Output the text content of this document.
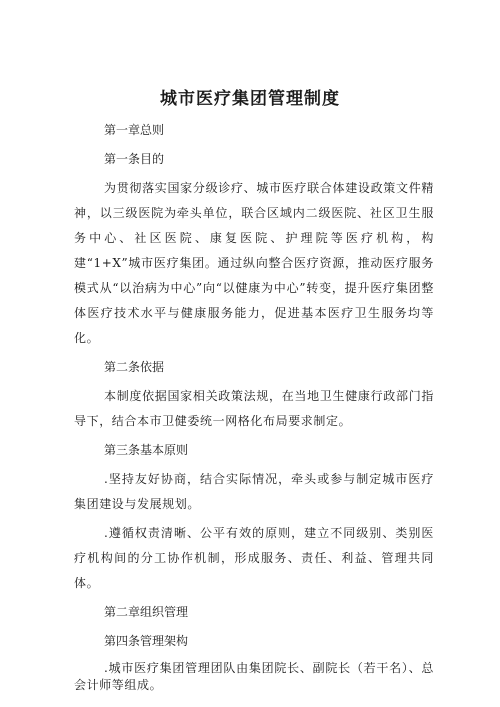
城市医疗集团管理制度

第一章总则

第一条目的

为贯彻落实国家分级诊疗、城市医疗联合体建设政策文件精神，以三级医院为牵头单位，联合区域内二级医院、社区卫生服务中心、社区医院、康复医院、护理院等医疗机构，构建“1+X”城市医疗集团。通过纵向整合医疗资源，推动医疗服务模式从“以治病为中心”向“以健康为中心”转变，提升医疗集团整体医疗技术水平与健康服务能力，促进基本医疗卫生服务均等化。

第二条依据

本制度依据国家相关政策法规，在当地卫生健康行政部门指导下，结合本市卫健委统一网格化布局要求制定。

第三条基本原则

.坚持友好协商，结合实际情况，牵头或参与制定城市医疗集团建设与发展规划。

.遵循权责清晰、公平有效的原则，建立不同级别、类别医疗机构间的分工协作机制，形成服务、责任、利益、管理共同体。

第二章组织管理

第四条管理架构

.城市医疗集团管理团队由集团院长、副院长（若干名）、总会计师等组成。
